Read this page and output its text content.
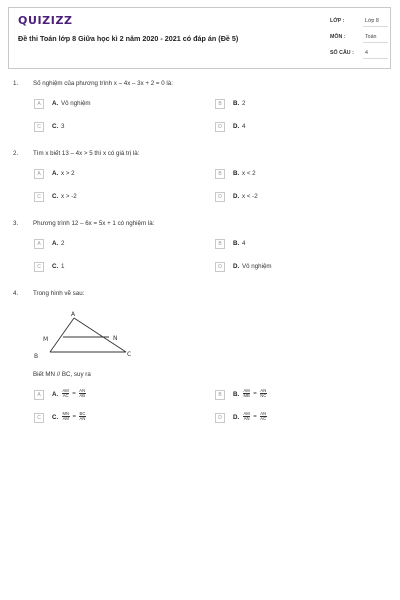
QUIZIZZ
Đề thi Toán lớp 8 Giữa học kì 2 năm 2020 - 2021 có đáp án (Đề 5)
LỚP :	Lớp 8
MÔN :	Toán
SỐ CÂU : 4
1. Số nghiệm của phương trình x – 4x – 3x + 2 = 0 là:
A	A. Vô nghiệm	B	B. 2
C	C. 3	D	D. 4
2. Tìm x biết 13 – 4x > 5 thì x có giá trị là:
A	A. x > 2	B	B. x < 2
C	C. x > -2	D	D. x < -2
3. Phương trình 12 – 6x = 5x + 1 có nghiệm là:
A	A. 2	B	B. 4
C	C. 1	D	D. Vô nghiệm
4. Trong hình vẽ sau:
A
M	N
B	C
Biết MN // BC, suy ra
A	A. $\frac{AM}{AC} = \frac{AN}{AB}$	B	B. $\frac{AM}{MB} = \frac{AN}{NC}$
C	C. $\frac{MN}{AM} = \frac{BC}{AN}$	D	D. $\frac{AM}{AN} = \frac{AN}{AC}$
